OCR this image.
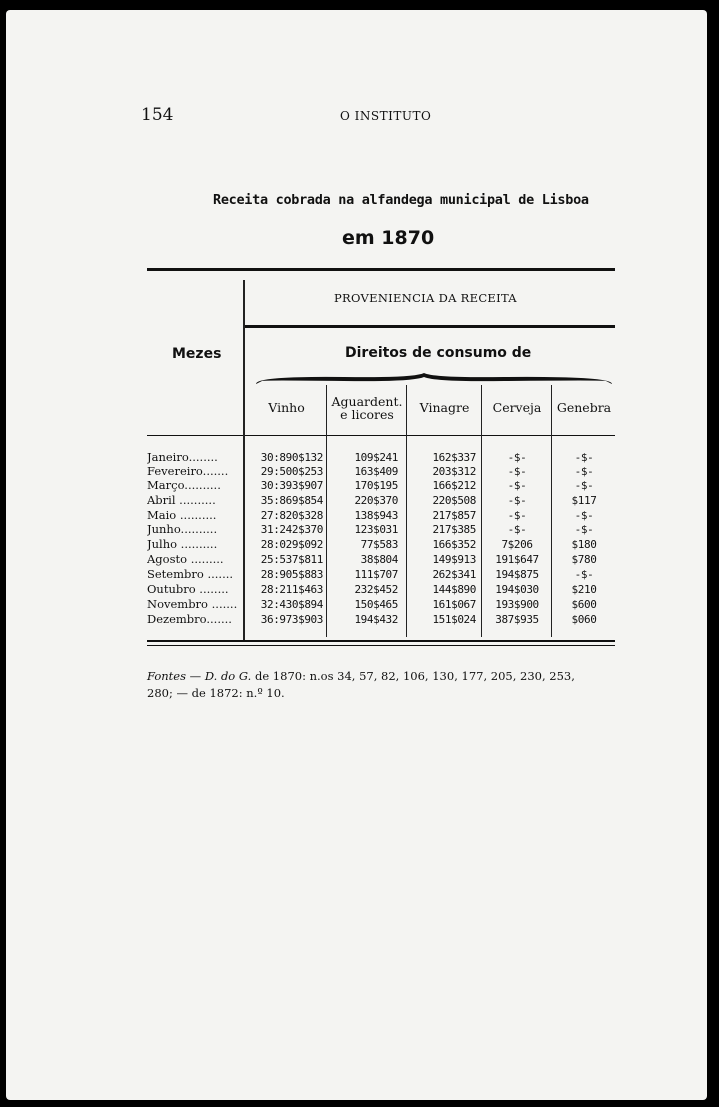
154	O INSTITUTO
Receita cobrada na alfandega municipal de Lisboa
em 1870
PROVENIENCIA DA RECEITA
Mezes	Direitos de consumo de
Vinho	Aguardent.
e licores	Vinagre	Cerveja	Genebra
Janeiro........	30:890$132	109$241	162$337	-$-	-$-
Fevereiro.......	29:500$253	163$409	203$312	-$-	-$-
Março..........	30:393$907	170$195	166$212	-$-	-$-
Abril ..........	35:869$854	220$370	220$508	-$-	$117
Maio ..........	27:820$328	138$943	217$857	-$-	-$-
Junho..........	31:242$370	123$031	217$385	-$-	-$-
Julho ..........	28:029$092	77$583	166$352	7$206	$180
Agosto .........	25:537$811	38$804	149$913	191$647	$780
Setembro .......	28:905$883	111$707	262$341	194$875	-$-
Outubro ........	28:211$463	232$452	144$890	194$030	$210
Novembro .......	32:430$894	150$465	161$067	193$900	$600
Dezembro.......	36:973$903	194$432	151$024	387$935	$060
Fontes — D. do G. de 1870: n.os 34, 57, 82, 106, 130, 177, 205, 230, 253,
280; — de 1872: n.º 10.
